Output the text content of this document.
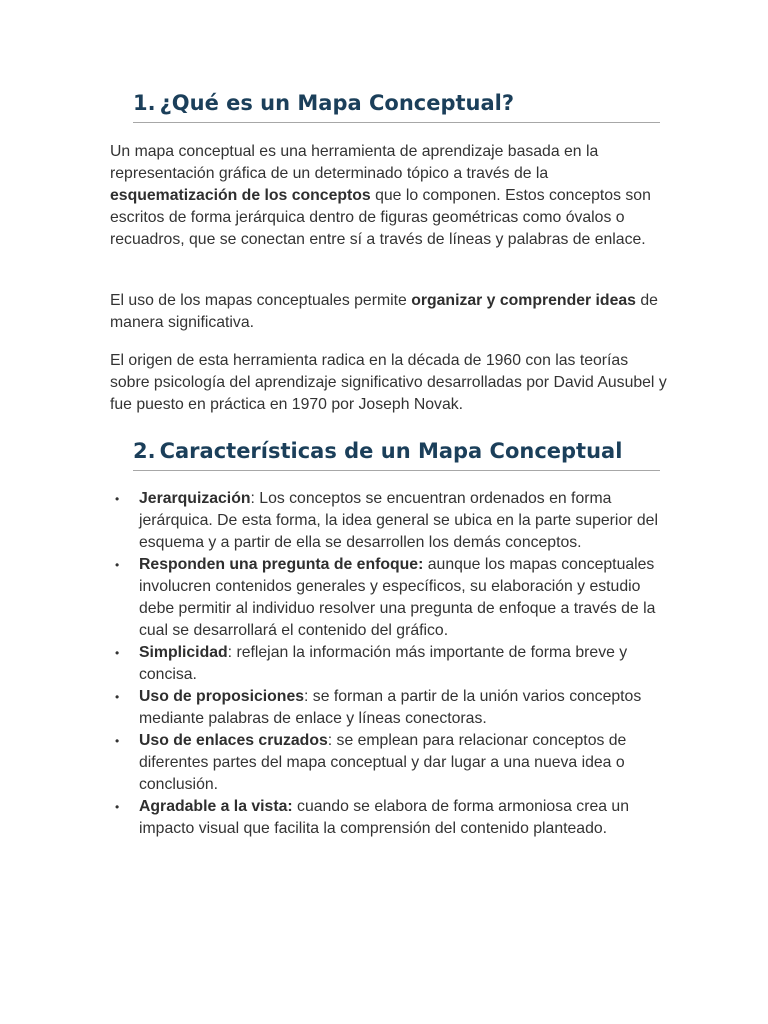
1. ¿Qué es un Mapa Conceptual?

Un mapa conceptual es una herramienta de aprendizaje basada en la representación gráfica de un determinado tópico a través de la esquematización de los conceptos que lo componen. Estos conceptos son escritos de forma jerárquica dentro de figuras geométricas como óvalos o recuadros, que se conectan entre sí a través de líneas y palabras de enlace.

El uso de los mapas conceptuales permite organizar y comprender ideas de manera significativa.

El origen de esta herramienta radica en la década de 1960 con las teorías sobre psicología del aprendizaje significativo desarrolladas por David Ausubel y fue puesto en práctica en 1970 por Joseph Novak.

2. Características de un Mapa Conceptual
• Jerarquización: Los conceptos se encuentran ordenados en forma jerárquica. De esta forma, la idea general se ubica en la parte superior del esquema y a partir de ella se desarrollen los demás conceptos.
• Responden una pregunta de enfoque: aunque los mapas conceptuales involucren contenidos generales y específicos, su elaboración y estudio debe permitir al individuo resolver una pregunta de enfoque a través de la cual se desarrollará el contenido del gráfico.
• Simplicidad: reflejan la información más importante de forma breve y concisa.
• Uso de proposiciones: se forman a partir de la unión varios conceptos mediante palabras de enlace y líneas conectoras.
• Uso de enlaces cruzados: se emplean para relacionar conceptos de diferentes partes del mapa conceptual y dar lugar a una nueva idea o conclusión.
• Agradable a la vista: cuando se elabora de forma armoniosa crea un impacto visual que facilita la comprensión del contenido planteado.
